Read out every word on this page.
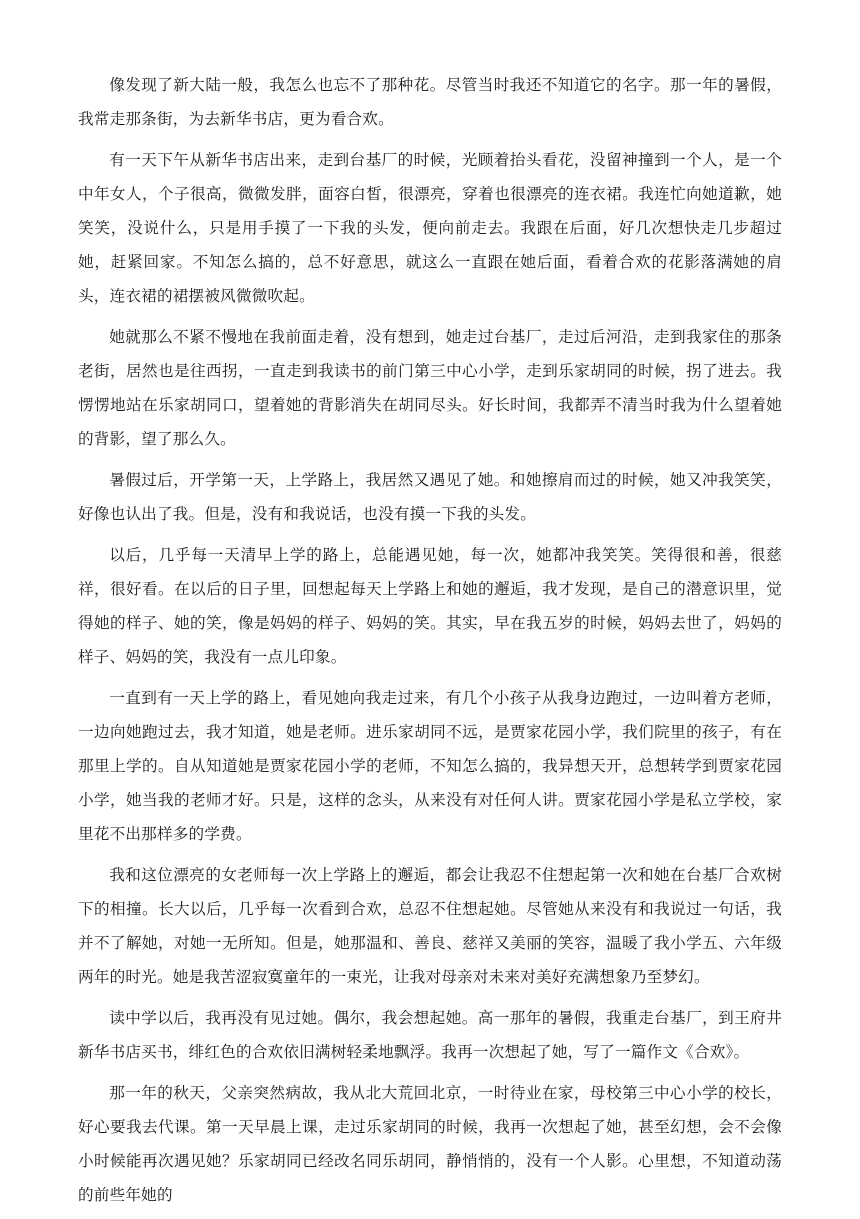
像发现了新大陆一般，我怎么也忘不了那种花。尽管当时我还不知道它的名字。那一年的暑假，我常走那条街，为去新华书店，更为看合欢。

有一天下午从新华书店出来，走到台基厂的时候，光顾着抬头看花，没留神撞到一个人，是一个中年女人，个子很高，微微发胖，面容白皙，很漂亮，穿着也很漂亮的连衣裙。我连忙向她道歉，她笑笑，没说什么，只是用手摸了一下我的头发，便向前走去。我跟在后面，好几次想快走几步超过她，赶紧回家。不知怎么搞的，总不好意思，就这么一直跟在她后面，看着合欢的花影落满她的肩头，连衣裙的裙摆被风微微吹起。

她就那么不紧不慢地在我前面走着，没有想到，她走过台基厂，走过后河沿，走到我家住的那条老街，居然也是往西拐，一直走到我读书的前门第三中心小学，走到乐家胡同的时候，拐了进去。我愣愣地站在乐家胡同口，望着她的背影消失在胡同尽头。好长时间，我都弄不清当时我为什么望着她的背影，望了那么久。

暑假过后，开学第一天，上学路上，我居然又遇见了她。和她擦肩而过的时候，她又冲我笑笑，好像也认出了我。但是，没有和我说话，也没有摸一下我的头发。

以后，几乎每一天清早上学的路上，总能遇见她，每一次，她都冲我笑笑。笑得很和善，很慈祥，很好看。在以后的日子里，回想起每天上学路上和她的邂逅，我才发现，是自己的潜意识里，觉得她的样子、她的笑，像是妈妈的样子、妈妈的笑。其实，早在我五岁的时候，妈妈去世了，妈妈的样子、妈妈的笑，我没有一点儿印象。

一直到有一天上学的路上，看见她向我走过来，有几个小孩子从我身边跑过，一边叫着方老师，一边向她跑过去，我才知道，她是老师。进乐家胡同不远，是贾家花园小学，我们院里的孩子，有在那里上学的。自从知道她是贾家花园小学的老师，不知怎么搞的，我异想天开，总想转学到贾家花园小学，她当我的老师才好。只是，这样的念头，从来没有对任何人讲。贾家花园小学是私立学校，家里花不出那样多的学费。

我和这位漂亮的女老师每一次上学路上的邂逅，都会让我忍不住想起第一次和她在台基厂合欢树下的相撞。长大以后，几乎每一次看到合欢，总忍不住想起她。尽管她从来没有和我说过一句话，我并不了解她，对她一无所知。但是，她那温和、善良、慈祥又美丽的笑容，温暖了我小学五、六年级两年的时光。她是我苦涩寂寞童年的一束光，让我对母亲对未来对美好充满想象乃至梦幻。

读中学以后，我再没有见过她。偶尔，我会想起她。高一那年的暑假，我重走台基厂，到王府井新华书店买书，绯红色的合欢依旧满树轻柔地飘浮。我再一次想起了她，写了一篇作文《合欢》。

那一年的秋天，父亲突然病故，我从北大荒回北京，一时待业在家，母校第三中心小学的校长，好心要我去代课。第一天早晨上课，走过乐家胡同的时候，我再一次想起了她，甚至幻想，会不会像小时候能再次遇见她？乐家胡同已经改名同乐胡同，静悄悄的，没有一个人影。心里想，不知道动荡的前些年她的
